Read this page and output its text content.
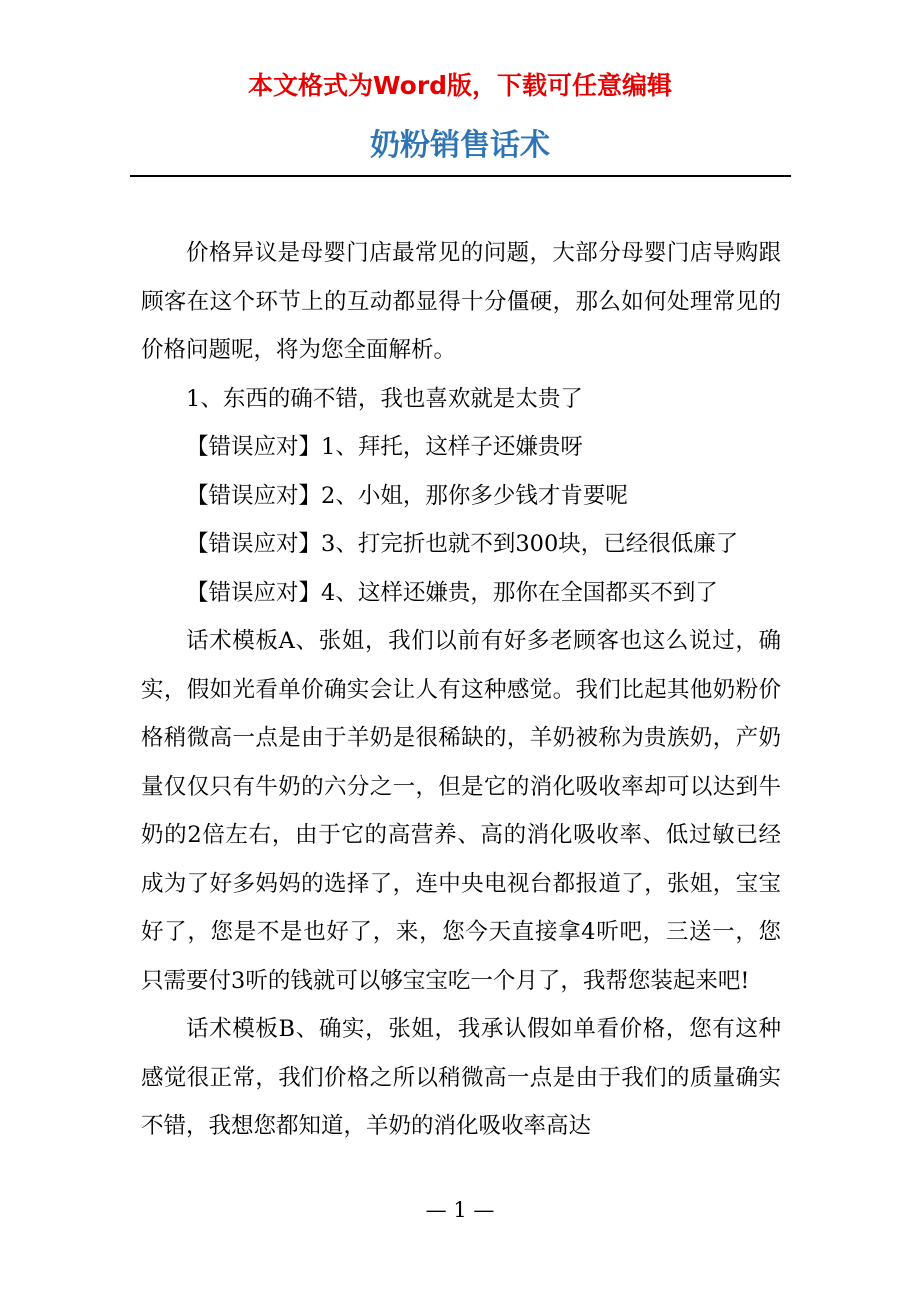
本文格式为Word版，下载可任意编辑
奶粉销售话术

价格异议是母婴门店最常见的问题，大部分母婴门店导购跟顾客在这个环节上的互动都显得十分僵硬，那么如何处理常见的价格问题呢，将为您全面解析。

1、东西的确不错，我也喜欢就是太贵了

【错误应对】1、拜托，这样子还嫌贵呀

【错误应对】2、小姐，那你多少钱才肯要呢

【错误应对】3、打完折也就不到300块，已经很低廉了

【错误应对】4、这样还嫌贵，那你在全国都买不到了

话术模板A、张姐，我们以前有好多老顾客也这么说过，确实，假如光看单价确实会让人有这种感觉。我们比起其他奶粉价格稍微高一点是由于羊奶是很稀缺的，羊奶被称为贵族奶，产奶量仅仅只有牛奶的六分之一，但是它的消化吸收率却可以达到牛奶的2倍左右，由于它的高营养、高的消化吸收率、低过敏已经成为了好多妈妈的选择了，连中央电视台都报道了，张姐，宝宝好了，您是不是也好了，来，您今天直接拿4听吧，三送一，您只需要付3听的钱就可以够宝宝吃一个月了，我帮您装起来吧!

话术模板B、确实，张姐，我承认假如单看价格，您有这种感觉很正常，我们价格之所以稍微高一点是由于我们的质量确实不错，我想您都知道，羊奶的消化吸收率高达

— 1 —
